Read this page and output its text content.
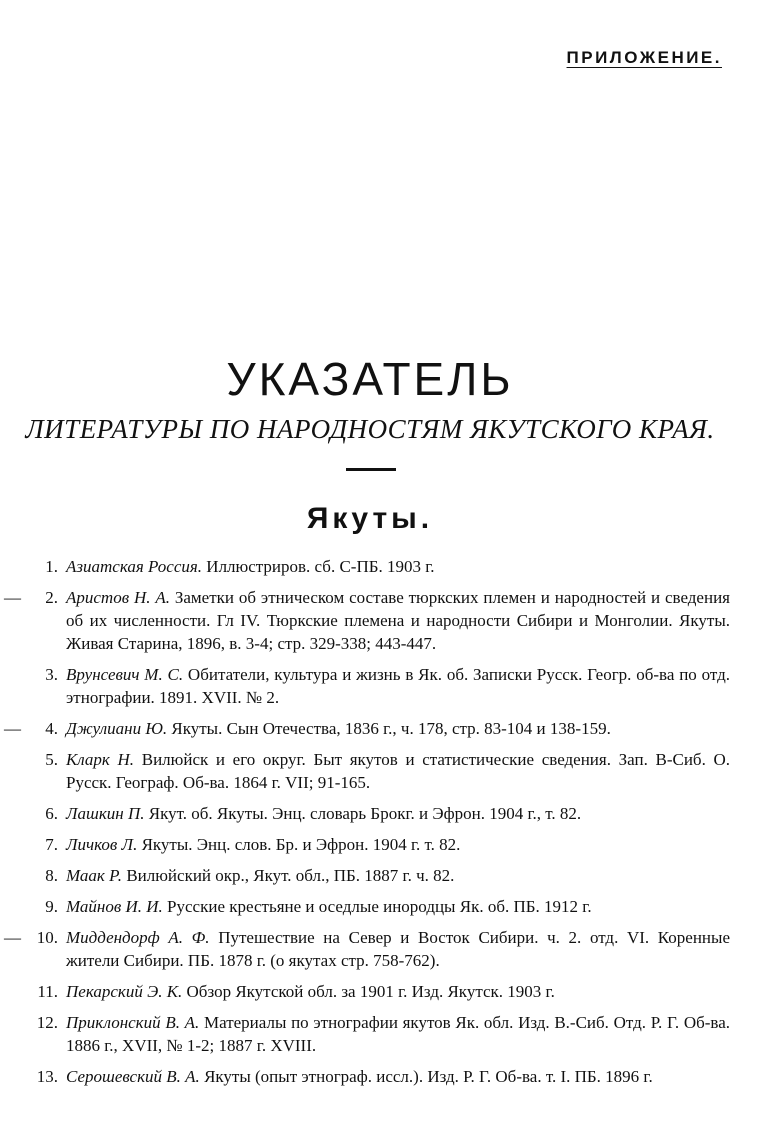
ПРИЛОЖЕНИЕ.
УКАЗАТЕЛЬ
ЛИТЕРАТУРЫ ПО НАРОДНОСТЯМ ЯКУТСКОГО КРАЯ.
Якуты.
1. Азиатская Россия. Иллюстриров. сб. С-ПБ. 1903 г.
—	2. Аристов Н. А. Заметки об этническом составе тюркских племен и народностей и сведения об их численности. Гл IV. Тюркские племена и народности Сибири и Монголии. Якуты. Живая Старина, 1896, в. 3-4; стр. 329-338; 443-447.
3. Врунсевич М. С. Обитатели, культура и жизнь в Як. об. Записки Русск. Геогр. об-ва по отд. этнографии. 1891. XVII. № 2.
—	4. Джулиани Ю. Якуты. Сын Отечества, 1836 г., ч. 178, стр. 83-104 и 138-159.
5. Кларк Н. Вилюйск и его округ. Быт якутов и статистические сведения. Зап. В-Сиб. О. Русск. Географ. Об-ва. 1864 г. VII; 91-165.
6. Лашкин П. Якут. об. Якуты. Энц. словарь Брокг. и Эфрон. 1904 г., т. 82.
7. Личков Л. Якуты. Энц. слов. Бр. и Эфрон. 1904 г. т. 82.
8. Маак Р. Вилюйский окр., Якут. обл., ПБ. 1887 г. ч. 82.
9. Майнов И. И. Русские крестьяне и оседлые инородцы Як. об. ПБ. 1912 г.
— 10. Миддендорф А. Ф. Путешествие на Север и Восток Сибири. ч. 2. отд. VI. Коренные жители Сибири. ПБ. 1878 г. (о якутах стр. 758-762).
11. Пекарский Э. К. Обзор Якутской обл. за 1901 г. Изд. Якутск. 1903 г.
12. Приклонский В. А. Материалы по этнографии якутов Як. обл. Изд. В.-Сиб. Отд. Р. Г. Об-ва. 1886 г., XVII, № 1-2; 1887 г. XVIII.
13. Серошевский В. А. Якуты (опыт этнограф. иссл.). Изд. Р. Г. Об-ва. т. I. ПБ. 1896 г.
